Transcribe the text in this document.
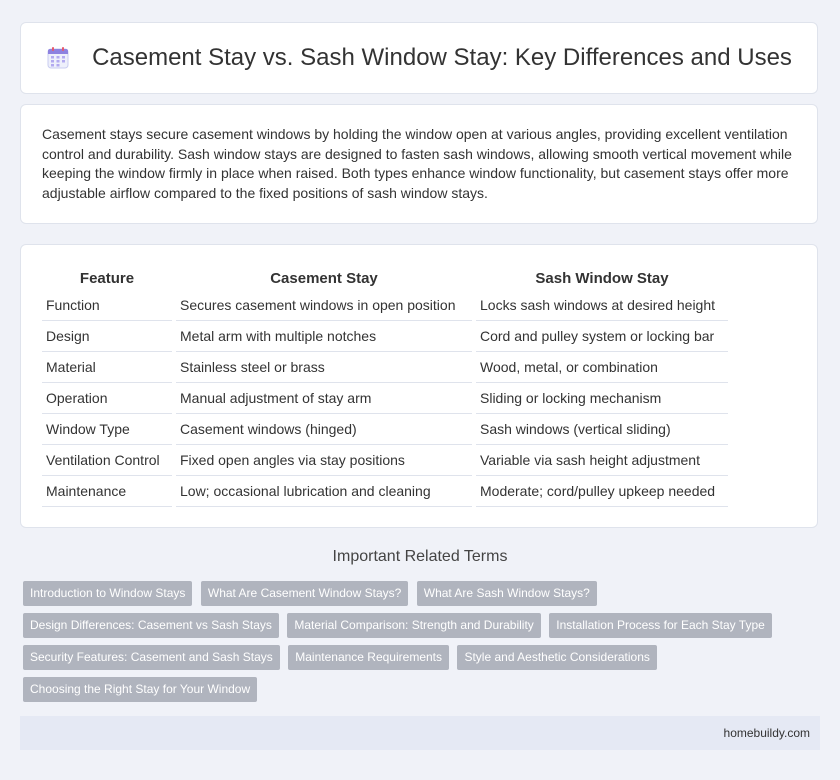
Casement Stay vs. Sash Window Stay: Key Differences and Uses

Casement stays secure casement windows by holding the window open at various angles, providing excellent ventilation control and durability. Sash window stays are designed to fasten sash windows, allowing smooth vertical movement while keeping the window firmly in place when raised. Both types enhance window functionality, but casement stays offer more adjustable airflow compared to the fixed positions of sash window stays.

Feature	Casement Stay	Sash Window Stay
Function	Secures casement windows in open position	Locks sash windows at desired height
Design	Metal arm with multiple notches	Cord and pulley system or locking bar
Material	Stainless steel or brass	Wood, metal, or combination
Operation	Manual adjustment of stay arm	Sliding or locking mechanism
Window Type	Casement windows (hinged)	Sash windows (vertical sliding)
Ventilation Control	Fixed open angles via stay positions	Variable via sash height adjustment
Maintenance	Low; occasional lubrication and cleaning	Moderate; cord/pulley upkeep needed
Important Related Terms
Introduction to Window Stays What Are Casement Window Stays? What Are Sash Window Stays?
Design Differences: Casement vs Sash Stays Material Comparison: Strength and Durability Installation Process for Each Stay Type
Security Features: Casement and Sash Stays Maintenance Requirements Style and Aesthetic Considerations
Choosing the Right Stay for Your Window
homebuildy.com
